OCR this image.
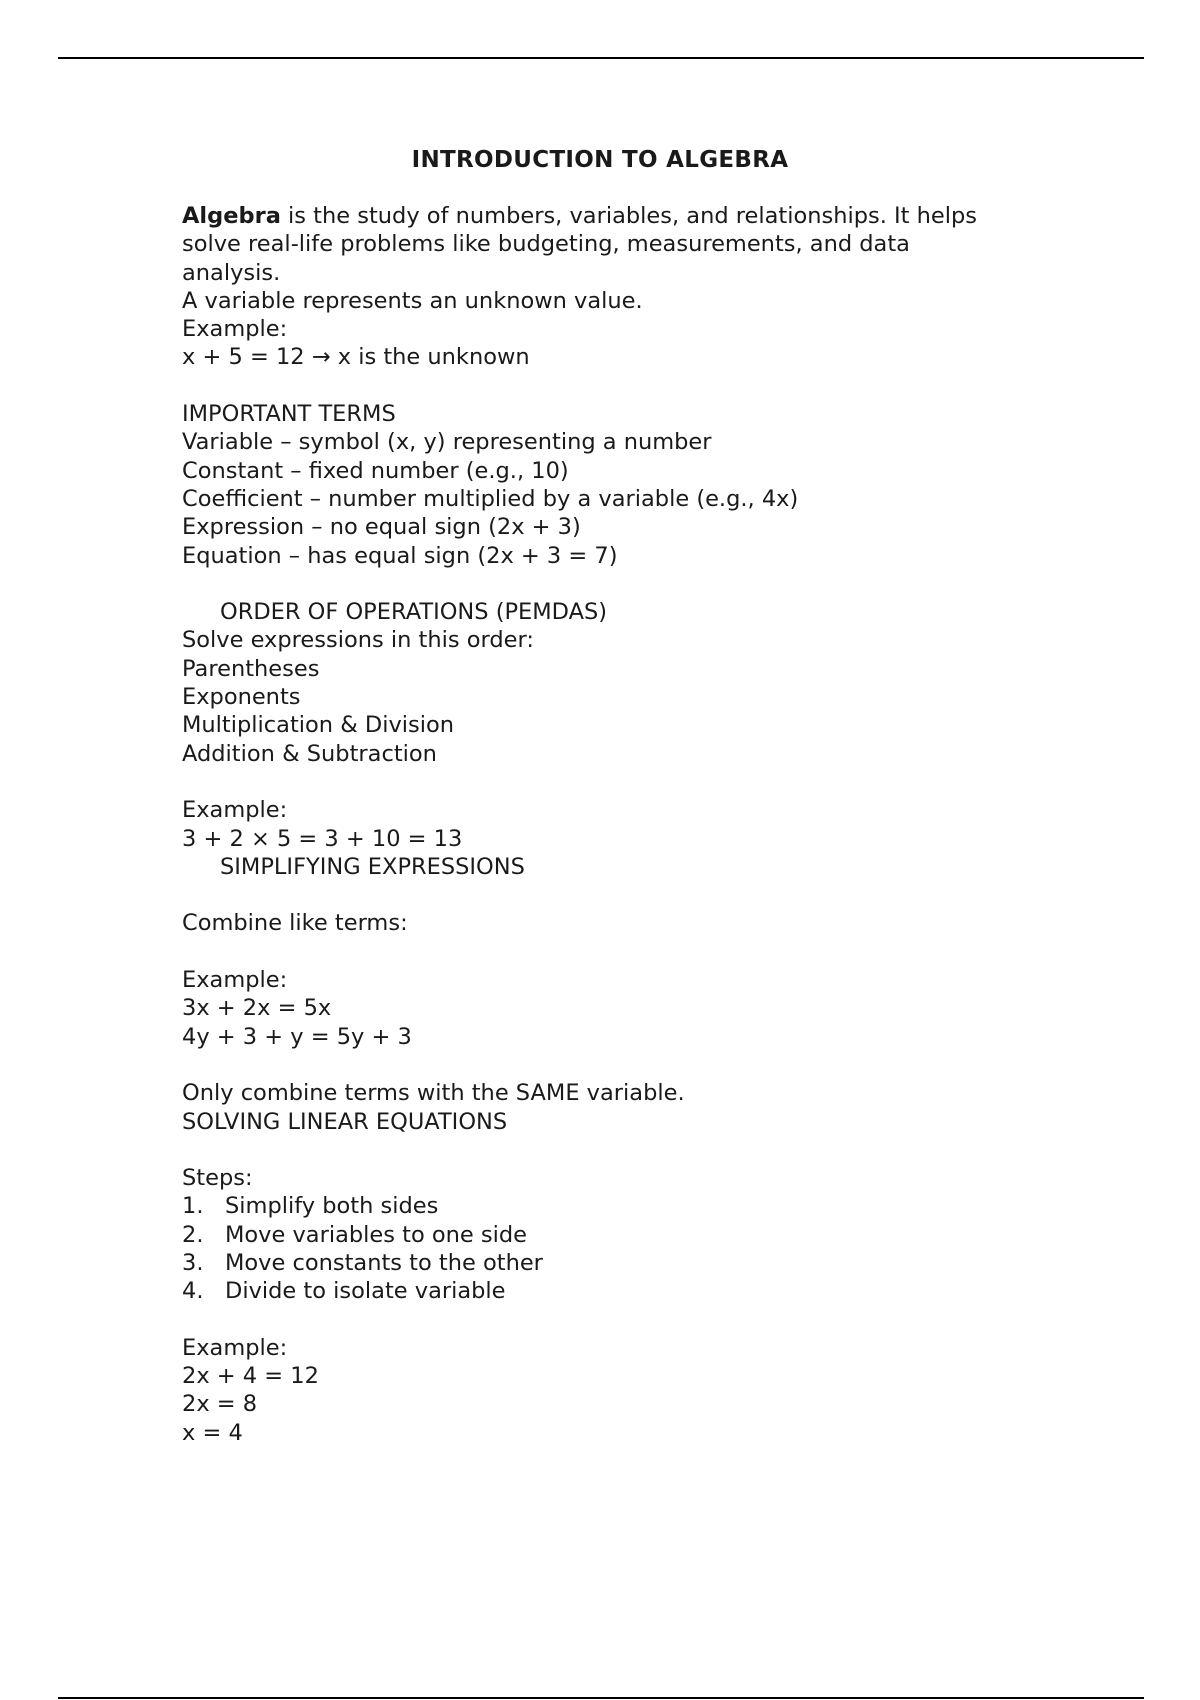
INTRODUCTION TO ALGEBRA

Algebra is the study of numbers, variables, and relationships. It helps solve real-life problems like budgeting, measurements, and data analysis.

A variable represents an unknown value.
Example:
x + 5 = 12 → x is the unknown
IMPORTANT TERMS
Variable – symbol (x, y) representing a number
Constant – fixed number (e.g., 10)
Coefficient – number multiplied by a variable (e.g., 4x)
Expression – no equal sign (2x + 3)
Equation – has equal sign (2x + 3 = 7)
ORDER OF OPERATIONS (PEMDAS)
Solve expressions in this order:
Parentheses
Exponents
Multiplication & Division
Addition & Subtraction
Example:
3 + 2 × 5 = 3 + 10 = 13
SIMPLIFYING EXPRESSIONS
Combine like terms:
Example:
3x + 2x = 5x
4y + 3 + y = 5y + 3
Only combine terms with the SAME variable.
SOLVING LINEAR EQUATIONS
Steps:
1. Simplify both sides
2. Move variables to one side
3. Move constants to the other
4. Divide to isolate variable
Example:
2x + 4 = 12
2x = 8
x = 4
